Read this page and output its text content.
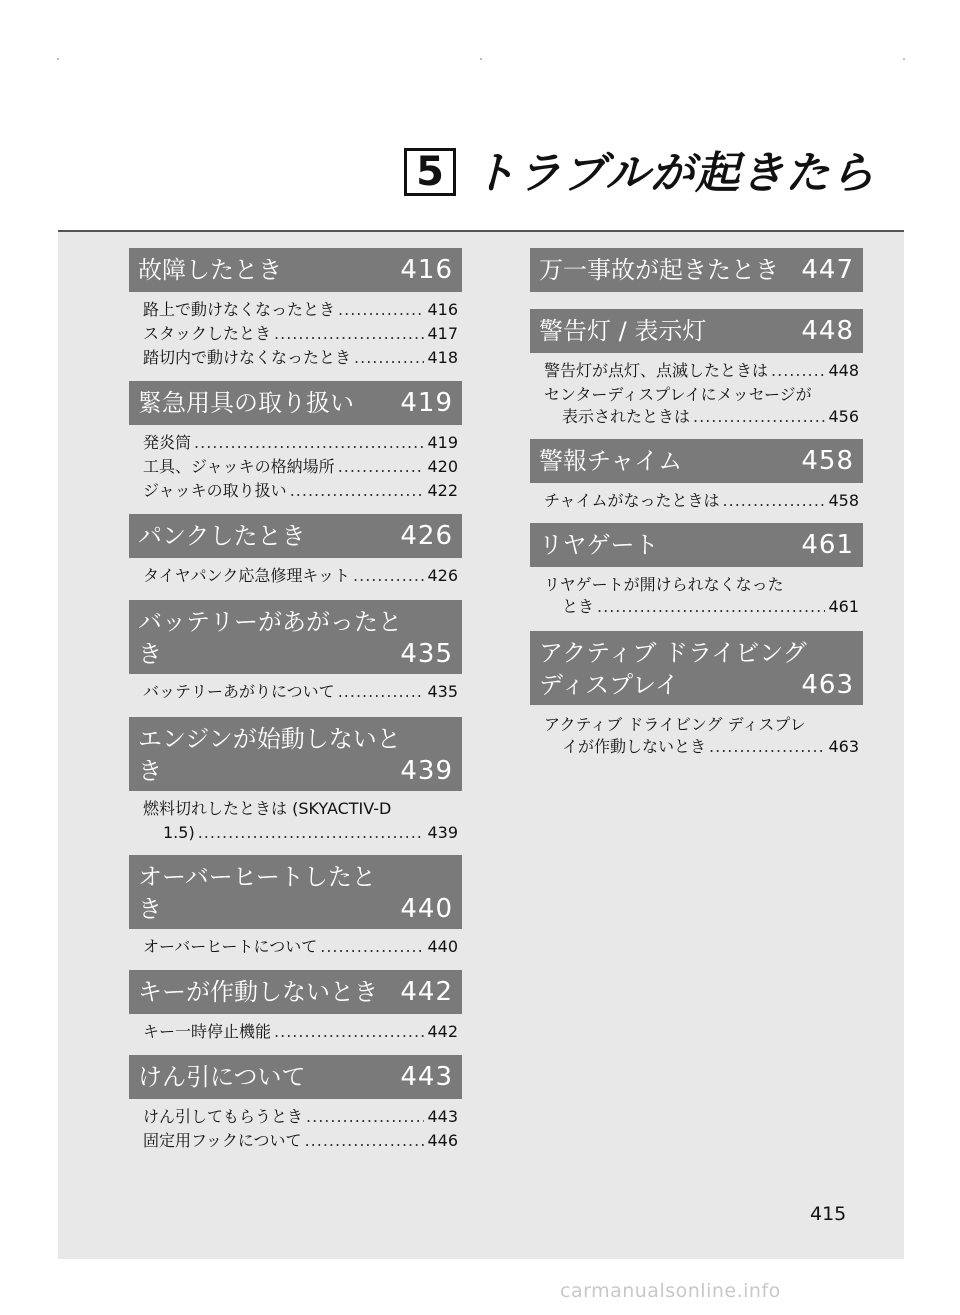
5 トラブルが起きたら
故障したとき	416
路上で動けなくなったとき .....	416
スタックしたとき .....	417
踏切内で動けなくなったとき .....	418
緊急用具の取り扱い 419
発炎筒 .....	419
工具、ジャッキの格納場所 .....	420
ジャッキの取り扱い .....	422
パンクしたとき	426
タイヤパンク応急修理キット .....	426
バッテリーがあがったと
き	435
バッテリーあがりについて .....	435
エンジンが始動しないと
き	439
燃料切れしたときは (SKYACTIV-D
1.5) .....	439
オーバーヒートしたと
き	440
オーバーヒートについて .....	440
キーが作動しないとき 442
キー一時停止機能 .....	442
けん引について	443
けん引してもらうとき .....	443
固定用フックについて .....	446
万一事故が起きたとき 447
警告灯 / 表示灯	448
警告灯が点灯、点滅したときは .....	448
センターディスプレイにメッセージが
表示されたときは .....	456
警報チャイム	458
チャイムがなったときは .....	458
リヤゲート	461
リヤゲートが開けられなくなった
とき .....	461
アクティブ ドライビング
ディスプレイ	463
アクティブ ドライビング ディスプレ
イが作動しないとき .....	463
415
carmanualsonline.info
